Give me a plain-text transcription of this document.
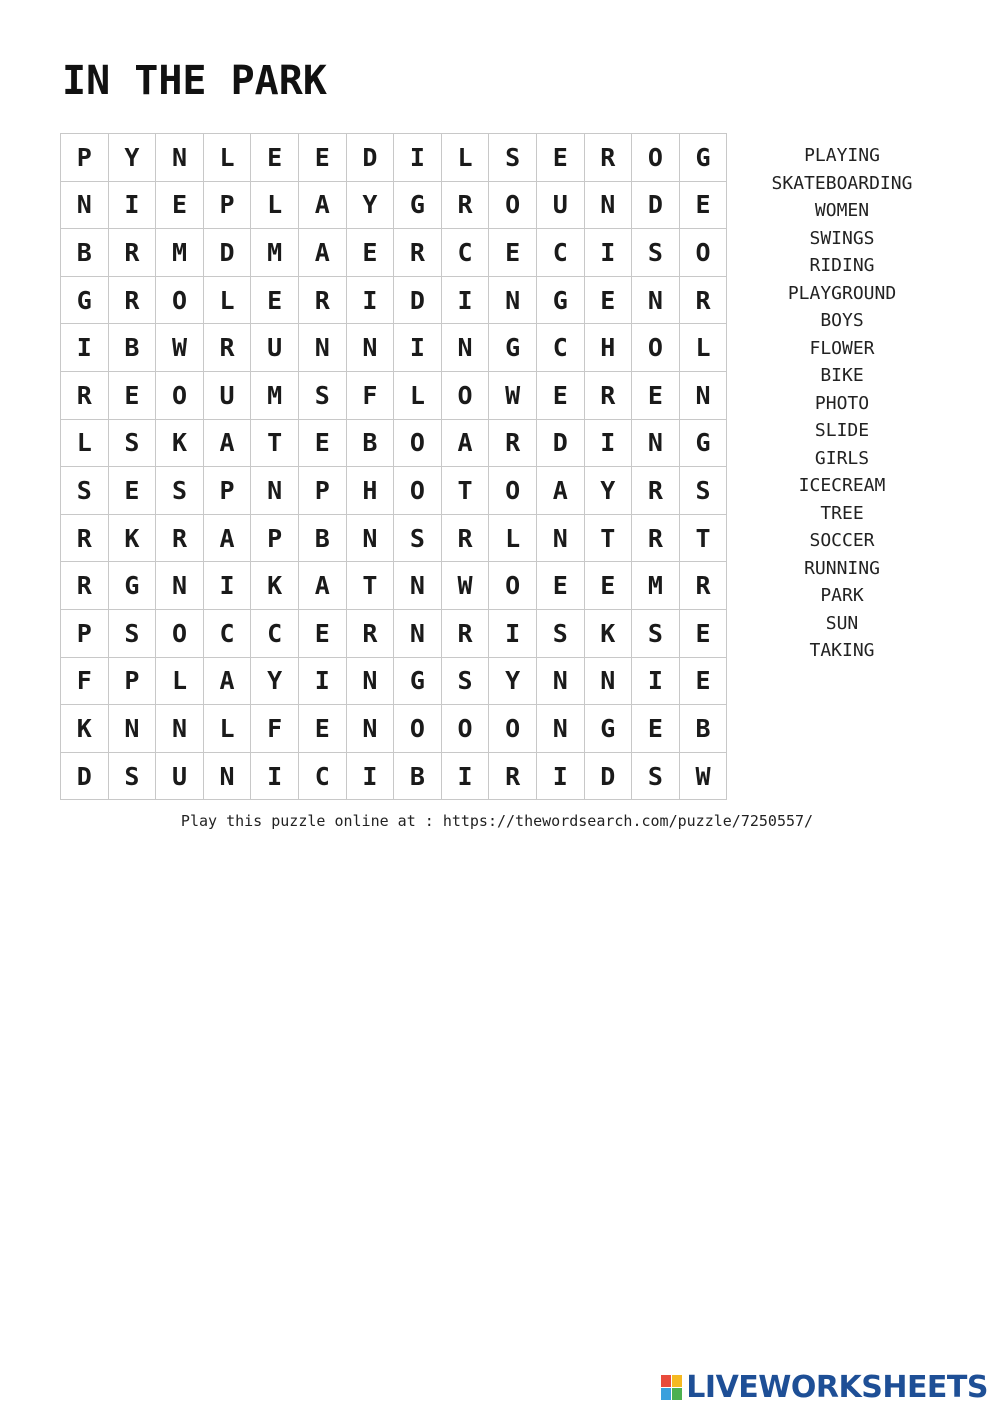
IN THE PARK
P	Y	N	L	E	E	D	I	L	S	E	R	O	G
N	I	E	P	L	A	Y	G	R	O	U	N	D	E
B	R	M	D	M	A	E	R	C	E	C	I	S	O
G	R	O	L	E	R	I	D	I	N	G	E	N	R
I	B	W	R	U	N	N	I	N	G	C	H	O	L
R	E	O	U	M	S	F	L	O	W	E	R	E	N
L	S	K	A	T	E	B	O	A	R	D	I	N	G
S	E	S	P	N	P	H	O	T	O	A	Y	R	S
R	K	R	A	P	B	N	S	R	L	N	T	R	T
R	G	N	I	K	A	T	N	W	O	E	E	M	R
P	S	O	C	C	E	R	N	R	I	S	K	S	E
F	P	L	A	Y	I	N	G	S	Y	N	N	I	E
K	N	N	L	F	E	N	O	O	O	N	G	E	B
D	S	U	N	I	C	I	B	I	R	I	D	S	W
PLAYING
SKATEBOARDING
WOMEN
SWINGS
RIDING
PLAYGROUND
BOYS
FLOWER
BIKE
PHOTO
SLIDE
GIRLS
ICECREAM
TREE
SOCCER
RUNNING
PARK
SUN
TAKING
Play this puzzle online at : https://thewordsearch.com/puzzle/7250557/
LIVEWORKSHEETS
